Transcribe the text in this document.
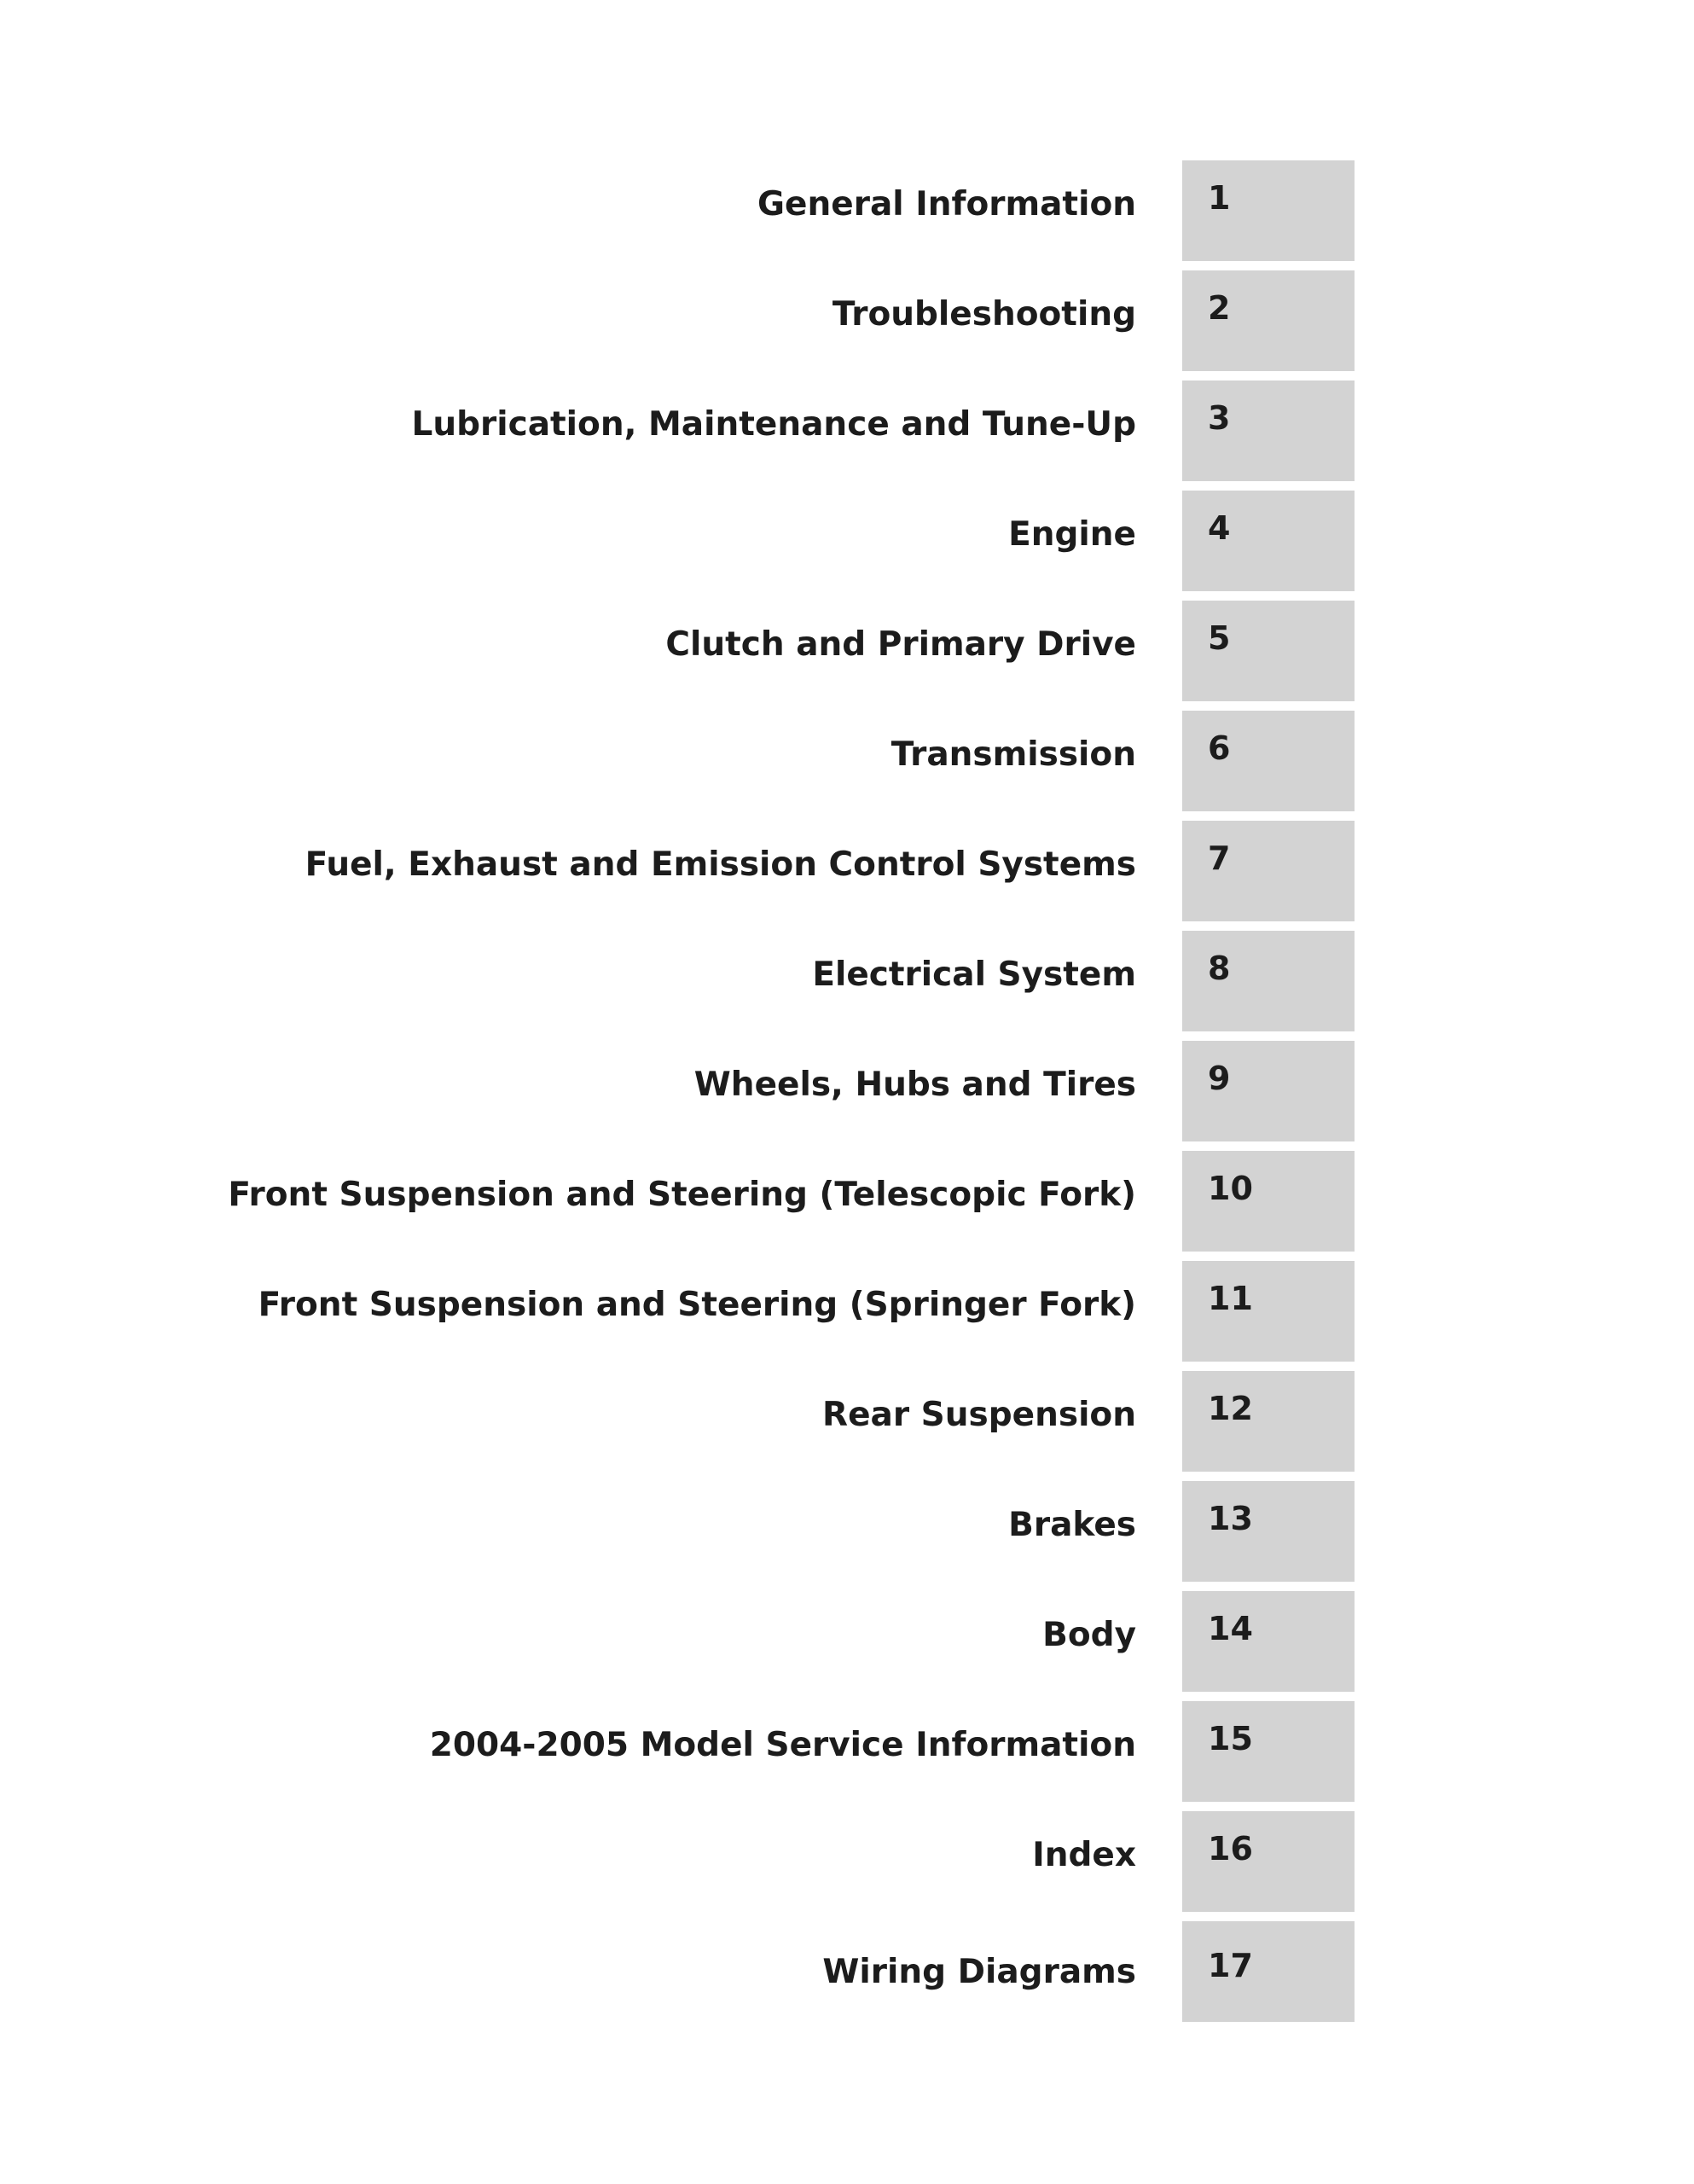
General Information 1

Troubleshooting 2

Lubrication, Maintenance and Tune-Up 3

Engine 4

Clutch and Primary Drive 5

Transmission 6

Fuel, Exhaust and Emission Control Systems 7

Electrical System 8

Wheels, Hubs and Tires 9

Front Suspension and Steering (Telescopic Fork) 10

Front Suspension and Steering (Springer Fork) 11

Rear Suspension 12

Brakes 13

Body 14

2004-2005 Model Service Information 15

Index 16

Wiring Diagrams 17
